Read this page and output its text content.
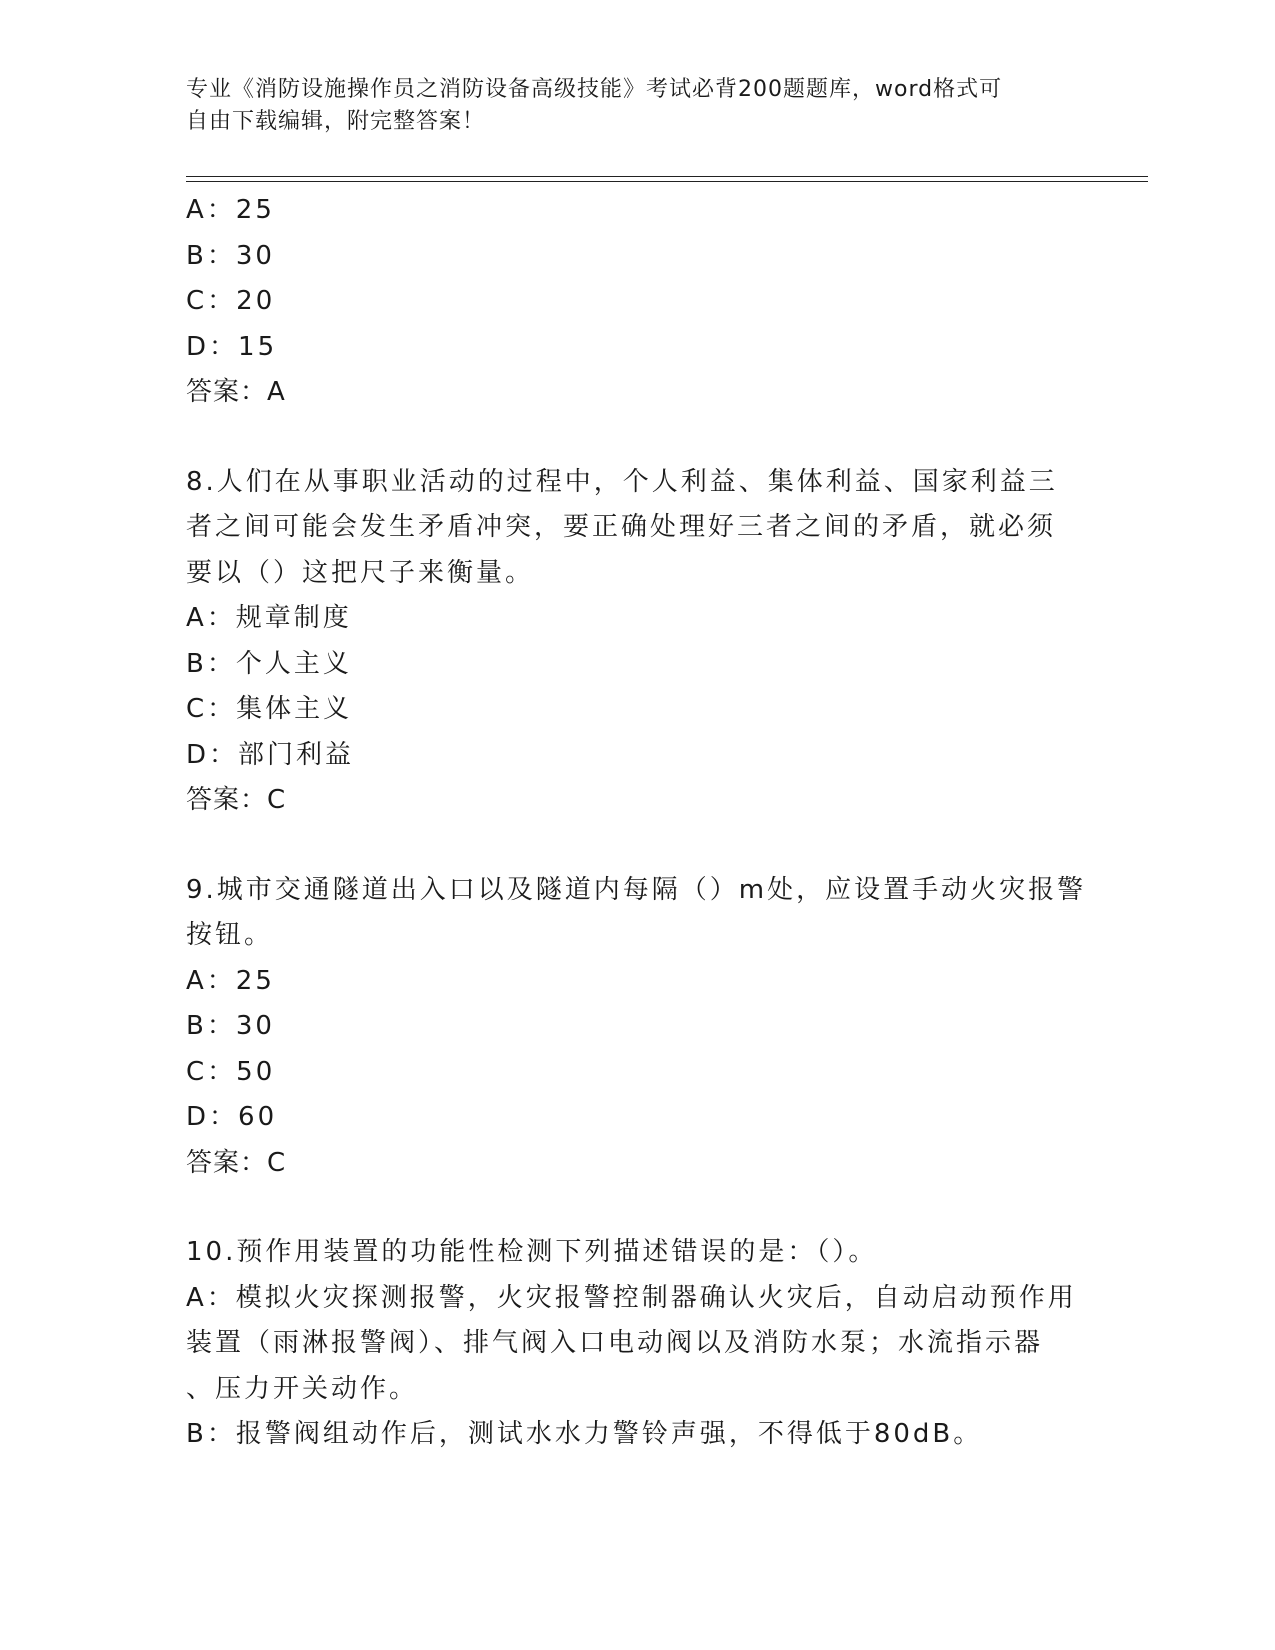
专业《消防设施操作员之消防设备高级技能》考试必背200题题库，word格式可
自由下载编辑，附完整答案！
A：25
B：30
C：20
D：15
答案：A
8.人们在从事职业活动的过程中，个人利益、集体利益、国家利益三
者之间可能会发生矛盾冲突，要正确处理好三者之间的矛盾，就必须
要以（）这把尺子来衡量。
A：规章制度
B：个人主义
C：集体主义
D：部门利益
答案：C
9.城市交通隧道出入口以及隧道内每隔（）m处，应设置手动火灾报警
按钮。
A：25
B：30
C：50
D：60
答案：C
10.预作用装置的功能性检测下列描述错误的是：（）。
A：模拟火灾探测报警，火灾报警控制器确认火灾后，自动启动预作用
装置（雨淋报警阀）、排气阀入口电动阀以及消防水泵；水流指示器
、压力开关动作。
B：报警阀组动作后，测试水水力警铃声强，不得低于80dB。
